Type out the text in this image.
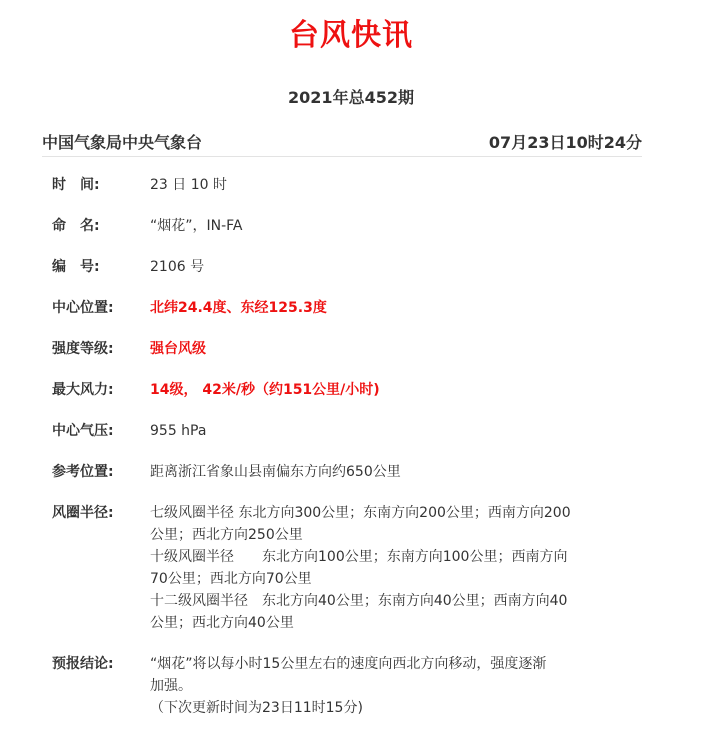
台风快讯
2021年总452期
中国气象局中央气象台	07月23日10时24分
时　间:	23 日 10 时
命　名:	“烟花”，IN-FA
编　号:	2106 号
中心位置:	北纬24.4度、东经125.3度
强度等级:	强台风级
最大风力:	14级， 42米/秒（约151公里/小时)
中心气压:	955 hPa
参考位置:	距离浙江省象山县南偏东方向约650公里
风圈半径:	七级风圈半径 东北方向300公里；东南方向200公里；西南方向200
公里；西北方向250公里
十级风圈半径　　东北方向100公里；东南方向100公里；西南方向
70公里；西北方向70公里
十二级风圈半径　东北方向40公里；东南方向40公里；西南方向40
公里；西北方向40公里
预报结论:	“烟花”将以每小时15公里左右的速度向西北方向移动，强度逐渐
加强。
（下次更新时间为23日11时15分)
